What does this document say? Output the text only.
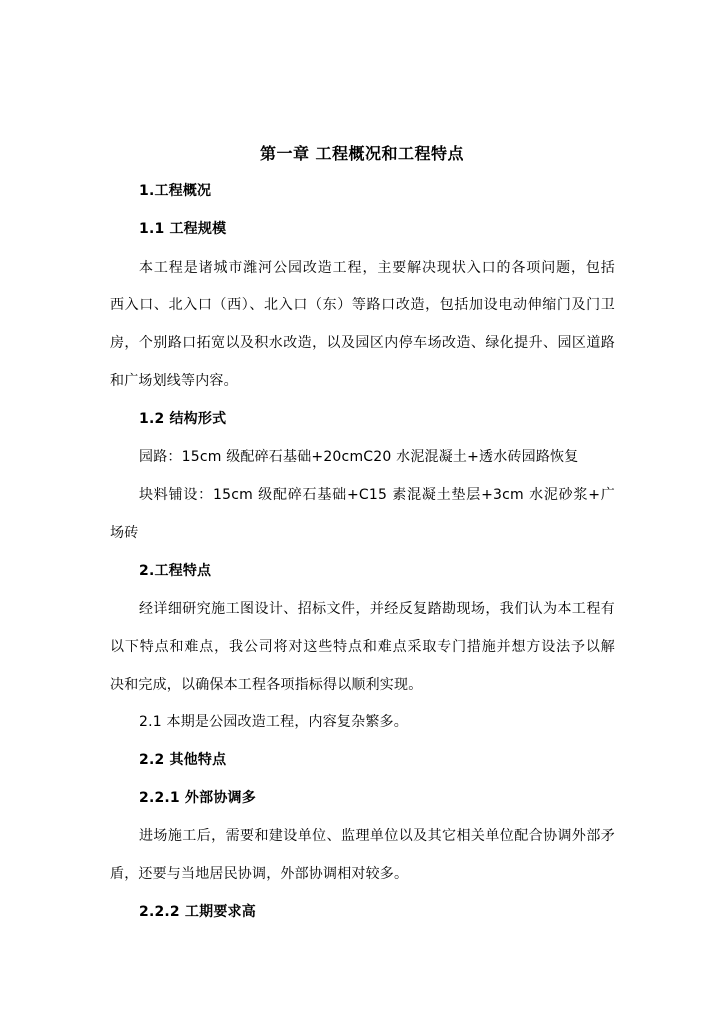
第一章 工程概况和工程特点
1.工程概况
1.1 工程规模
本工程是诸城市潍河公园改造工程，主要解决现状入口的各项问题，包括
西入口、北入口（西）、北入口（东）等路口改造，包括加设电动伸缩门及门卫
房，个别路口拓宽以及积水改造，以及园区内停车场改造、绿化提升、园区道路
和广场划线等内容。
1.2 结构形式
园路：15cm 级配碎石基础+20cmC20 水泥混凝土+透水砖园路恢复
块料铺设：15cm 级配碎石基础+C15 素混凝土垫层+3cm 水泥砂浆+广
场砖
2.工程特点
经详细研究施工图设计、招标文件，并经反复踏勘现场，我们认为本工程有
以下特点和难点，我公司将对这些特点和难点采取专门措施并想方设法予以解
决和完成，以确保本工程各项指标得以顺利实现。
2.1 本期是公园改造工程，内容复杂繁多。
2.2 其他特点
2.2.1 外部协调多
进场施工后，需要和建设单位、监理单位以及其它相关单位配合协调外部矛
盾，还要与当地居民协调，外部协调相对较多。
2.2.2 工期要求高
